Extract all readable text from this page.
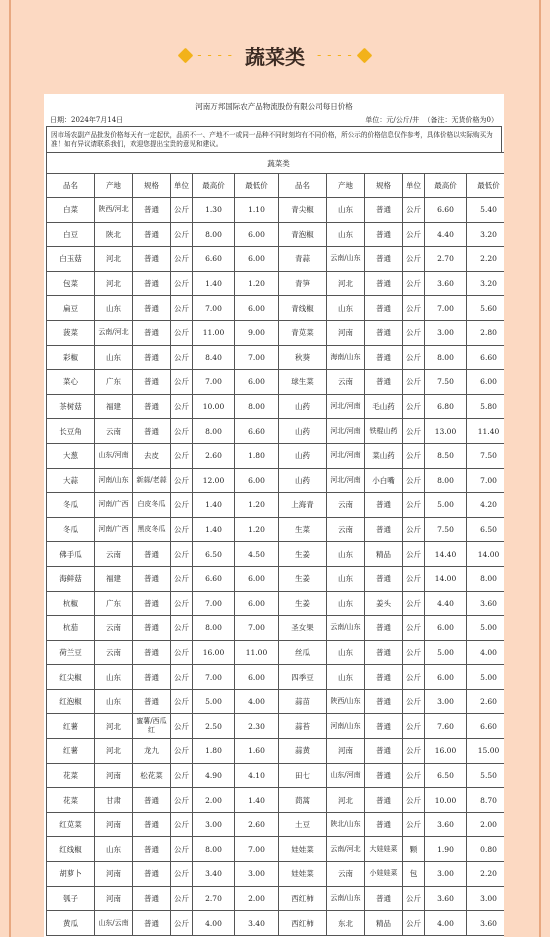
- - - - 蔬菜类 - - - -
河南万邦国际农产品物流股份有限公司每日价格
日期：2024年7月14日	单位：元/公斤/井 （备注：无货价格为0）
因市场农副产品批发价格每天有一定起伏，品质不一、产地不一或同一品种不同时刻均有不同价格，所公示的价格信息仅作参考，具体价格以实际购买为准！如有异议请联系我们，欢迎您提出宝贵的意见和建议。
蔬菜类											
品名	产地	规格	单位	最高价	最低价	品名	产地	规格	单位	最高价	最低价
白菜	陕西/河北	普通	公斤	1.30	1.10	青尖椒	山东	普通	公斤	6.60	5.40
白豆	陕北	普通	公斤	8.00	6.00	青泡椒	山东	普通	公斤	4.40	3.20
白玉菇	河北	普通	公斤	6.60	6.00	青蒜	云南/山东	普通	公斤	2.70	2.20
包菜	河北	普通	公斤	1.40	1.20	青笋	河北	普通	公斤	3.60	3.20
扁豆	山东	普通	公斤	7.00	6.00	青线椒	山东	普通	公斤	7.00	5.60
菠菜	云南/河北	普通	公斤	11.00	9.00	青苋菜	河南	普通	公斤	3.00	2.80
彩椒	山东	普通	公斤	8.40	7.00	秋葵	海南/山东	普通	公斤	8.00	6.60
菜心	广东	普通	公斤	7.00	6.00	球生菜	云南	普通	公斤	7.50	6.00
茶树菇	福建	普通	公斤	10.00	8.00	山药	河北/河南	毛山药	公斤	6.80	5.80
长豆角	云南	普通	公斤	8.00	6.60	山药	河北/河南	铁棍山药	公斤	13.00	11.40
大葱	山东/河南	去皮	公斤	2.60	1.80	山药	河北/河南	菜山药	公斤	8.50	7.50
大蒜	河南/山东	新蒜/老蒜	公斤	12.00	6.00	山药	河北/河南	小白嘴	公斤	8.00	7.00
冬瓜	河南/广西	白皮冬瓜	公斤	1.40	1.20	上海青	云南	普通	公斤	5.00	4.20
冬瓜	河南/广西	黑皮冬瓜	公斤	1.40	1.20	生菜	云南	普通	公斤	7.50	6.50
佛手瓜	云南	普通	公斤	6.50	4.50	生姜	山东	精品	公斤	14.40	14.00
海鲜菇	福建	普通	公斤	6.60	6.00	生姜	山东	普通	公斤	14.00	8.00
杭椒	广东	普通	公斤	7.00	6.00	生姜	山东	姜头	公斤	4.40	3.60
杭茄	云南	普通	公斤	8.00	7.00	圣女果	云南/山东	普通	公斤	6.00	5.00
荷兰豆	云南	普通	公斤	16.00	11.00	丝瓜	山东	普通	公斤	5.00	4.00
红尖椒	山东	普通	公斤	7.00	6.00	四季豆	山东	普通	公斤	6.00	5.00
红泡椒	山东	普通	公斤	5.00	4.00	蒜苗	陕西/山东	普通	公斤	3.00	2.60
红薯	河北	蜜薯/西瓜红	公斤	2.50	2.30	蒜苔	河南/山东	普通	公斤	7.60	6.60
红薯	河北	龙九	公斤	1.80	1.60	蒜黄	河南	普通	公斤	16.00	15.00
花菜	河南	松花菜	公斤	4.90	4.10	田七	山东/河南	普通	公斤	6.50	5.50
花菜	甘肃	普通	公斤	2.00	1.40	茼蒿	河北	普通	公斤	10.00	8.70
红苋菜	河南	普通	公斤	3.00	2.60	土豆	陕北/山东	普通	公斤	3.60	2.00
红线椒	山东	普通	公斤	8.00	7.00	娃娃菜	云南/河北	大娃娃菜	颗	1.90	0.80
胡萝卜	河南	普通	公斤	3.40	3.00	娃娃菜	云南	小娃娃菜	包	3.00	2.20
瓠子	河南	普通	公斤	2.70	2.00	西红柿	云南/山东	普通	公斤	3.60	3.00
黄瓜	山东/云南	普通	公斤	4.00	3.40	西红柿	东北	精品	公斤	4.00	3.60
